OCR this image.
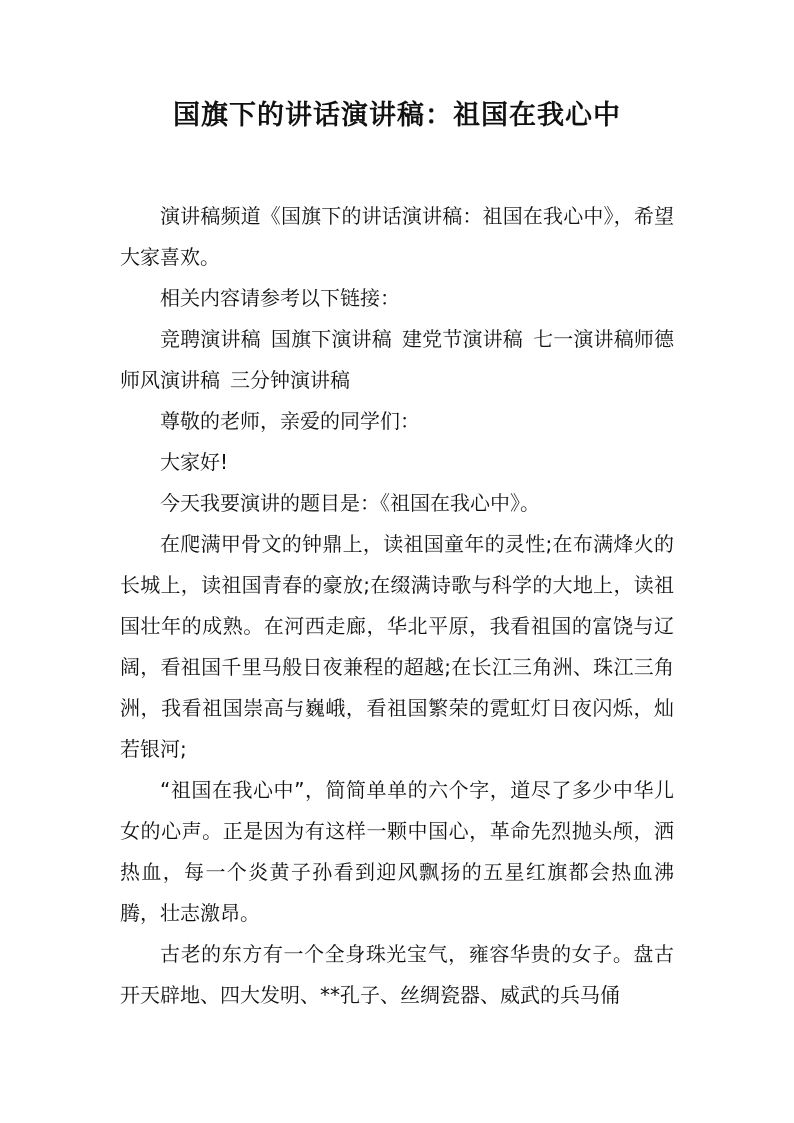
国旗下的讲话演讲稿：祖国在我心中

演讲稿频道《国旗下的讲话演讲稿：祖国在我心中》，希望大家喜欢。

相关内容请参考以下链接：

竞聘演讲稿  国旗下演讲稿  建党节演讲稿  七一演讲稿师德师风演讲稿  三分钟演讲稿

尊敬的老师，亲爱的同学们：

大家好!

今天我要演讲的题目是：《祖国在我心中》。

在爬满甲骨文的钟鼎上，读祖国童年的灵性;在布满烽火的长城上，读祖国青春的豪放;在缀满诗歌与科学的大地上，读祖国壮年的成熟。在河西走廊，华北平原，我看祖国的富饶与辽阔，看祖国千里马般日夜兼程的超越;在长江三角洲、珠江三角洲，我看祖国崇高与巍峨，看祖国繁荣的霓虹灯日夜闪烁，灿若银河;

“祖国在我心中”，简简单单的六个字，道尽了多少中华儿女的心声。正是因为有这样一颗中国心，革命先烈抛头颅，洒热血，每一个炎黄子孙看到迎风飘扬的五星红旗都会热血沸腾，壮志激昂。

古老的东方有一个全身珠光宝气，雍容华贵的女子。盘古开天辟地、四大发明、**孔子、丝绸瓷器、威武的兵马俑
